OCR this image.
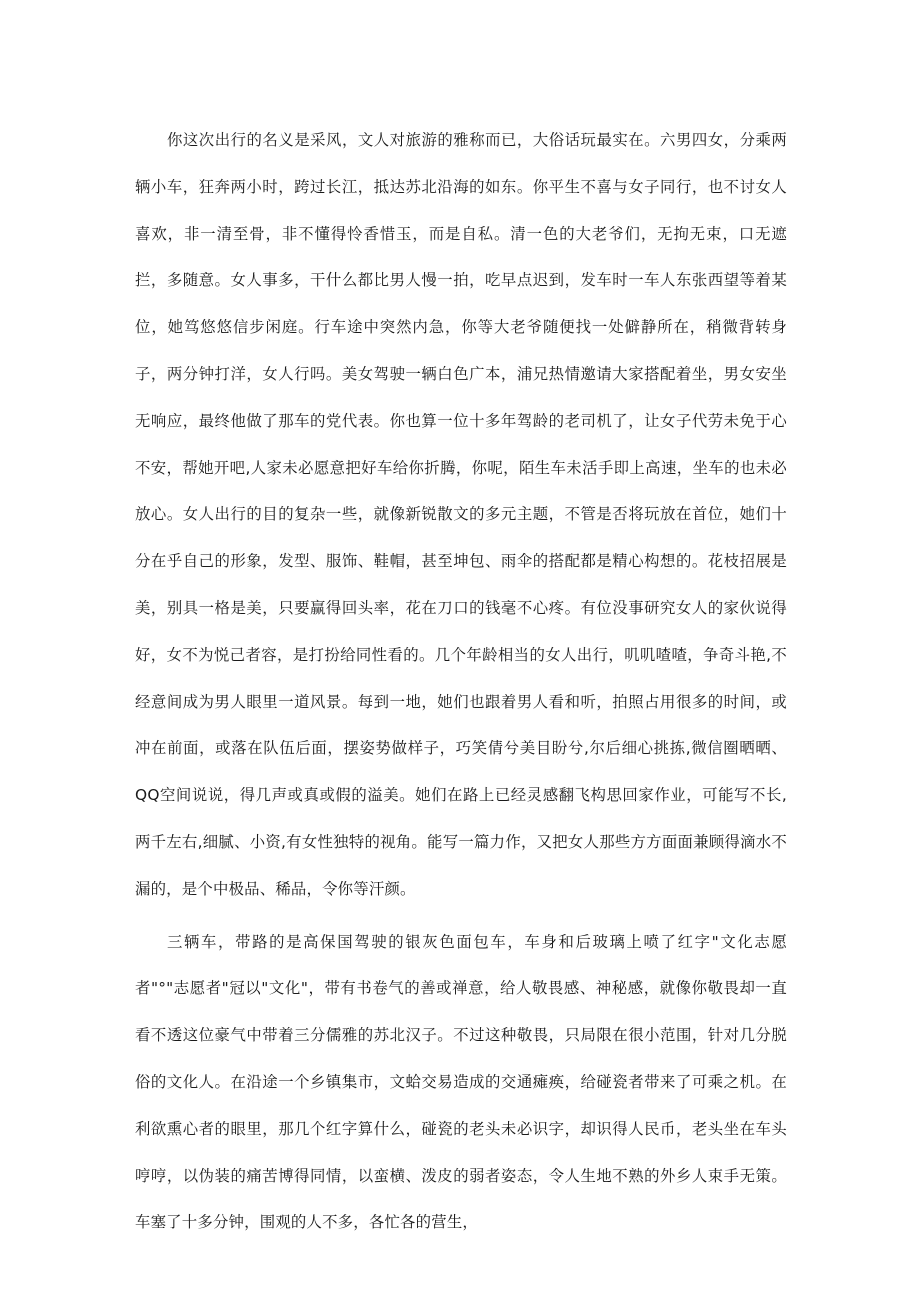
你这次出行的名义是采风，文人对旅游的雅称而已，大俗话玩最实在。六男四女，分乘两辆小车，狂奔两小时，跨过长江，抵达苏北沿海的如东。你平生不喜与女子同行，也不讨女人喜欢，非一清至骨，非不懂得怜香惜玉，而是自私。清一色的大老爷们，无拘无束，口无遮拦，多随意。女人事多，干什么都比男人慢一拍，吃早点迟到，发车时一车人东张西望等着某位，她笃悠悠信步闲庭。行车途中突然内急，你等大老爷随便找一处僻静所在，稍微背转身子，两分钟打洋，女人行吗。美女驾驶一辆白色广本，浦兄热情邀请大家搭配着坐，男女安坐无响应，最终他做了那车的党代表。你也算一位十多年驾龄的老司机了，让女子代劳未免于心不安，帮她开吧,人家未必愿意把好车给你折腾，你呢，陌生车未活手即上高速，坐车的也未必放心。女人出行的目的复杂一些，就像新锐散文的多元主题，不管是否将玩放在首位，她们十分在乎自己的形象，发型、服饰、鞋帽，甚至坤包、雨伞的搭配都是精心构想的。花枝招展是美，别具一格是美，只要赢得回头率，花在刀口的钱毫不心疼。有位没事研究女人的家伙说得好，女不为悦己者容，是打扮给同性看的。几个年龄相当的女人出行，叽叽喳喳，争奇斗艳,不经意间成为男人眼里一道风景。每到一地，她们也跟着男人看和听，拍照占用很多的时间，或冲在前面，或落在队伍后面，摆姿势做样子，巧笑倩兮美目盼兮,尔后细心挑拣,微信圈晒晒、QQ空间说说，得几声或真或假的溢美。她们在路上已经灵感翻飞构思回家作业，可能写不长,两千左右,细腻、小资,有女性独特的视角。能写一篇力作，又把女人那些方方面面兼顾得滴水不漏的，是个中极品、稀品，令你等汗颜。

三辆车，带路的是高保国驾驶的银灰色面包车，车身和后玻璃上喷了红字"文化志愿者"°"志愿者"冠以"文化"，带有书卷气的善或禅意，给人敬畏感、神秘感，就像你敬畏却一直看不透这位豪气中带着三分儒雅的苏北汉子。不过这种敬畏，只局限在很小范围，针对几分脱俗的文化人。在沿途一个乡镇集市，文蛤交易造成的交通瘫痪，给碰瓷者带来了可乘之机。在利欲熏心者的眼里，那几个红字算什么，碰瓷的老头未必识字，却识得人民币，老头坐在车头哼哼，以伪装的痛苦博得同情，以蛮横、泼皮的弱者姿态，令人生地不熟的外乡人束手无策。车塞了十多分钟，围观的人不多，各忙各的营生，
